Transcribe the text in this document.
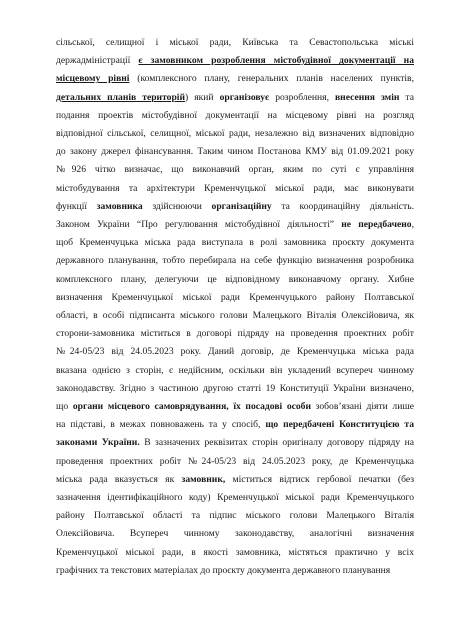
сільської, селищної і міської ради, Київська та Севастопольська міські
держадміністрації є замовником розроблення містобудівної документації на
місцевому рівні (комплексного плану, генеральних планів населених пунктів,
детальних планів територій) який організовує розроблення, внесення змін та
подання проектів містобудівної документації на місцевому рівні на розгляд
відповідної сільської, селищної, міської ради, незалежно від визначених відповідно
до закону джерел фінансування. Таким чином Постанова КМУ від 01.09.2021 року
№926 чітко визначає, що виконавчий орган, яким по суті є управління
містобудування та архітектури Кременчуцької міської ради, має виконувати
функції замовника здійснюючи організаційну та координаційну діяльність.
Законом України “Про регулювання містобудівної діяльності” не передбачено,
щоб Кременчуцька міська рада виступала в ролі замовника проєкту документа
державного планування, тобто перебирала на себе функцію визначення розробника
комплексного плану, делегуючи це відповідному виконавчому органу. Хибне
визначення Кременчуцької міської ради Кременчуцького району Полтавської
області, в особі підписанта міського голови Малецького Віталія Олексійовича, як
сторони-замовника міститься в договорі підряду на проведення проектних робіт
№24-05/23 від 24.05.2023 року. Даний договір, де Кременчуцька міська рада
вказана однією з сторін, є недійсним, оскільки він укладений всупереч чинному
законодавству. Згідно з частиною другою статті 19 Конституції України визначено,
що органи місцевого самоврядування, їх посадові особи зобов’язані діяти лише
на підставі, в межах повноважень та у спосіб, що передбачені Конституцією та
законами України. В зазначених реквізитах сторін оригіналу договору підряду на
проведення проектних робіт №24-05/23 від 24.05.2023 року, де Кременчуцька
міська рада вказується як замовник, міститься відтиск гербової печатки (без
зазначення ідентифікаційного коду) Кременчуцької міської ради Кременчуцького
району Полтавської області та підпис міського голови Малецького Віталія
Олексійовича. Всупереч чинному законодавству, аналогічні визначення
Кременчуцької міської ради, в якості замовника, містяться практично у всіх
графічних та текстових матеріалах до проєкту документа державного планування
